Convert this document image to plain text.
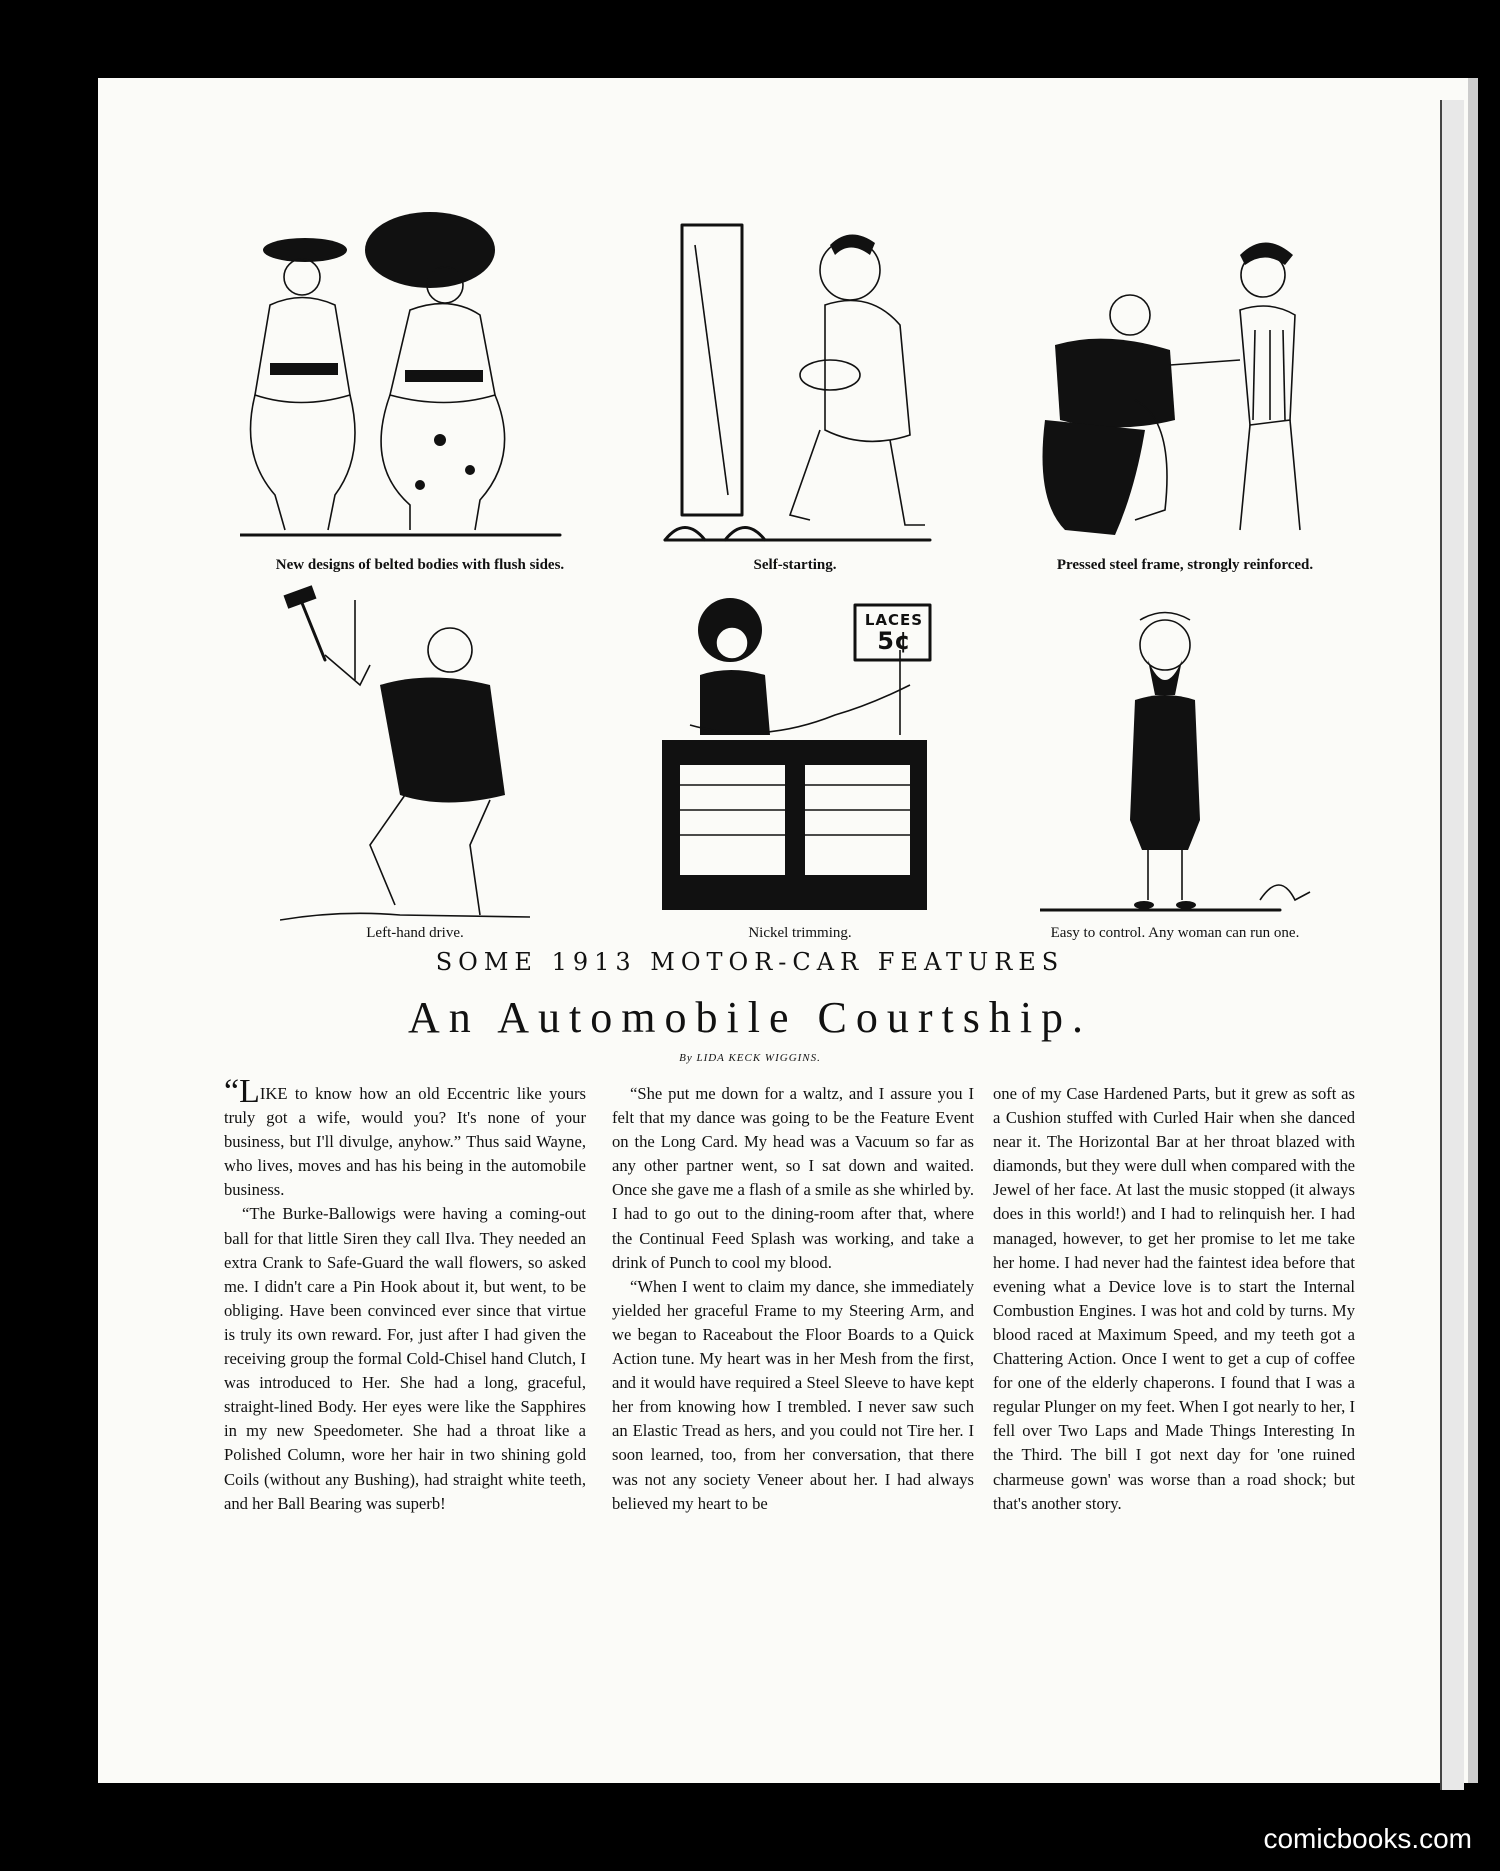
New designs of belted bodies with flush sides.	Self-starting.	Pressed steel frame, strongly reinforced.
Left-hand drive.
LACES
5¢
Nickel trimming.	Easy to control. Any woman can run one.
SOME 1913 MOTOR-CAR FEATURES
An Automobile Courtship.
By LIDA KECK WIGGINS.

“LIKE to know how an old Eccentric like yours truly got a wife, would you? It's none of your business, but I'll divulge, anyhow.” Thus said Wayne, who lives, moves and has his being in the automobile business.

“The Burke-Ballowigs were having a coming-out ball for that little Siren they call Ilva. They needed an extra Crank to Safe-Guard the wall flowers, so asked me. I didn't care a Pin Hook about it, but went, to be obliging. Have been convinced ever since that virtue is truly its own reward. For, just after I had given the receiving group the formal Cold-Chisel hand Clutch, I was introduced to Her. She had a long, graceful, straight-lined Body. Her eyes were like the Sapphires in my new Speedometer. She had a throat like a Polished Column, wore her hair in two shining gold Coils (without any Bushing), had straight white teeth, and her Ball Bearing was superb!

“She put me down for a waltz, and I assure you I felt that my dance was going to be the Feature Event on the Long Card. My head was a Vacuum so far as any other partner went, so I sat down and waited. Once she gave me a flash of a smile as she whirled by. I had to go out to the dining-room after that, where the Continual Feed Splash was working, and take a drink of Punch to cool my blood.

“When I went to claim my dance, she immediately yielded her graceful Frame to my Steering Arm, and we began to Raceabout the Floor Boards to a Quick Action tune. My heart was in her Mesh from the first, and it would have required a Steel Sleeve to have kept her from knowing how I trembled. I never saw such an Elastic Tread as hers, and you could not Tire her. I soon learned, too, from her conversation, that there was not any society Veneer about her. I had always believed my heart to be

one of my Case Hardened Parts, but it grew as soft as a Cushion stuffed with Curled Hair when she danced near it. The Horizontal Bar at her throat blazed with diamonds, but they were dull when compared with the Jewel of her face. At last the music stopped (it always does in this world!) and I had to relinquish her. I had managed, however, to get her promise to let me take her home. I had never had the faintest idea before that evening what a Device love is to start the Internal Combustion Engines. I was hot and cold by turns. My blood raced at Maximum Speed, and my teeth got a Chattering Action. Once I went to get a cup of coffee for one of the elderly chaperons. I found that I was a regular Plunger on my feet. When I got nearly to her, I fell over Two Laps and Made Things Interesting In the Third. The bill I got next day for 'one ruined charmeuse gown' was worse than a road shock; but that's another story.

comicbooks.com
